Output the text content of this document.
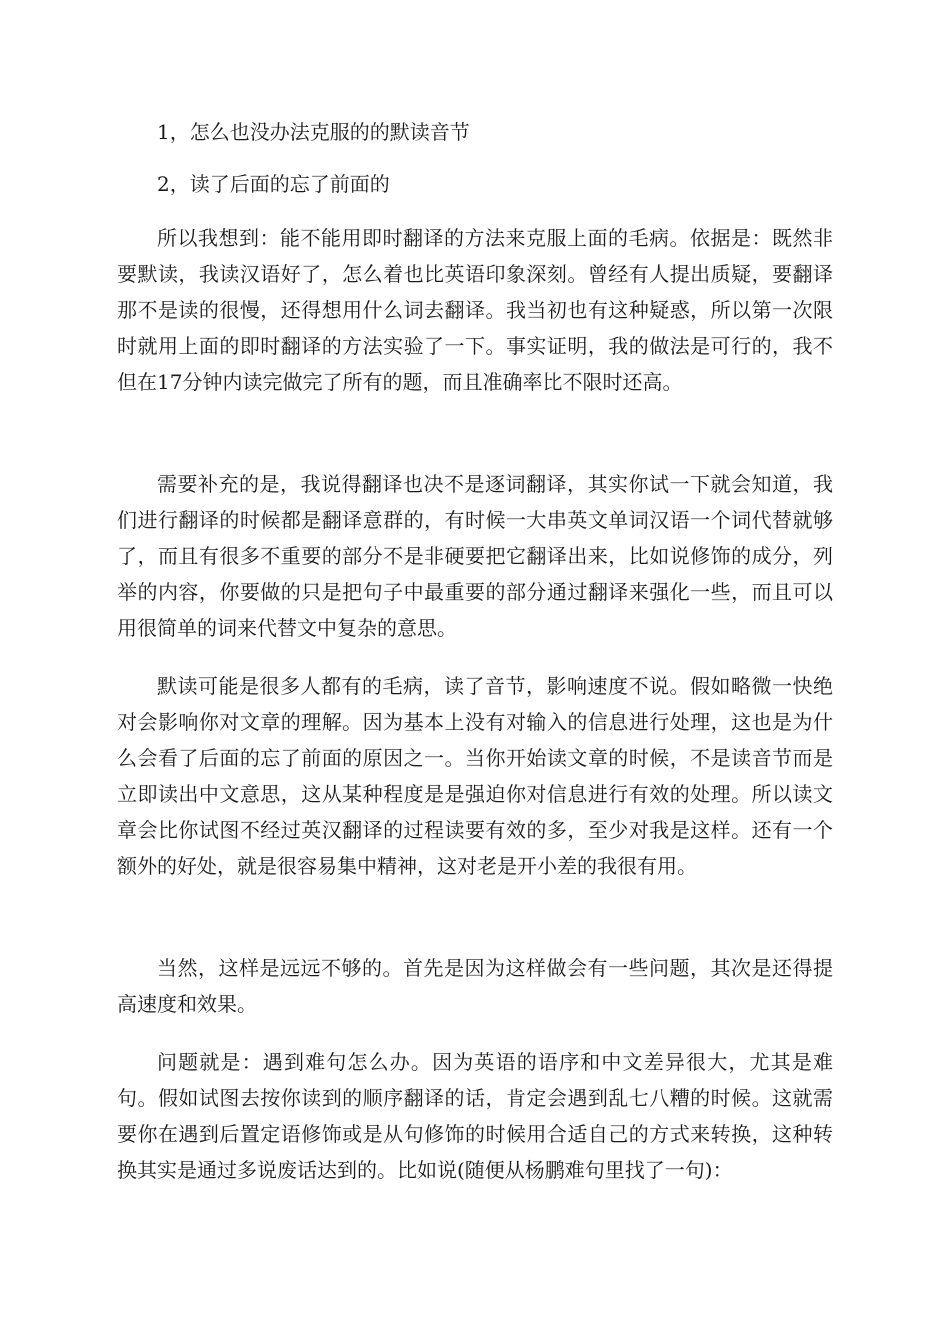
1，怎么也没办法克服的的默读音节

2，读了后面的忘了前面的

所以我想到：能不能用即时翻译的方法来克服上面的毛病。依据是：既然非要默读，我读汉语好了，怎么着也比英语印象深刻。曾经有人提出质疑，要翻译那不是读的很慢，还得想用什么词去翻译。我当初也有这种疑惑，所以第一次限时就用上面的即时翻译的方法实验了一下。事实证明，我的做法是可行的，我不但在17分钟内读完做完了所有的题，而且准确率比不限时还高。

需要补充的是，我说得翻译也决不是逐词翻译，其实你试一下就会知道，我们进行翻译的时候都是翻译意群的，有时候一大串英文单词汉语一个词代替就够了，而且有很多不重要的部分不是非硬要把它翻译出来，比如说修饰的成分，列举的内容，你要做的只是把句子中最重要的部分通过翻译来强化一些，而且可以用很简单的词来代替文中复杂的意思。

默读可能是很多人都有的毛病，读了音节，影响速度不说。假如略微一快绝对会影响你对文章的理解。因为基本上没有对输入的信息进行处理，这也是为什么会看了后面的忘了前面的原因之一。当你开始读文章的时候，不是读音节而是立即读出中文意思，这从某种程度是是强迫你对信息进行有效的处理。所以读文章会比你试图不经过英汉翻译的过程读要有效的多，至少对我是这样。还有一个额外的好处，就是很容易集中精神，这对老是开小差的我很有用。

当然，这样是远远不够的。首先是因为这样做会有一些问题，其次是还得提高速度和效果。

问题就是：遇到难句怎么办。因为英语的语序和中文差异很大，尤其是难句。假如试图去按你读到的顺序翻译的话，肯定会遇到乱七八糟的时候。这就需要你在遇到后置定语修饰或是从句修饰的时候用合适自己的方式来转换，这种转换其实是通过多说废话达到的。比如说(随便从杨鹏难句里找了一句)：
